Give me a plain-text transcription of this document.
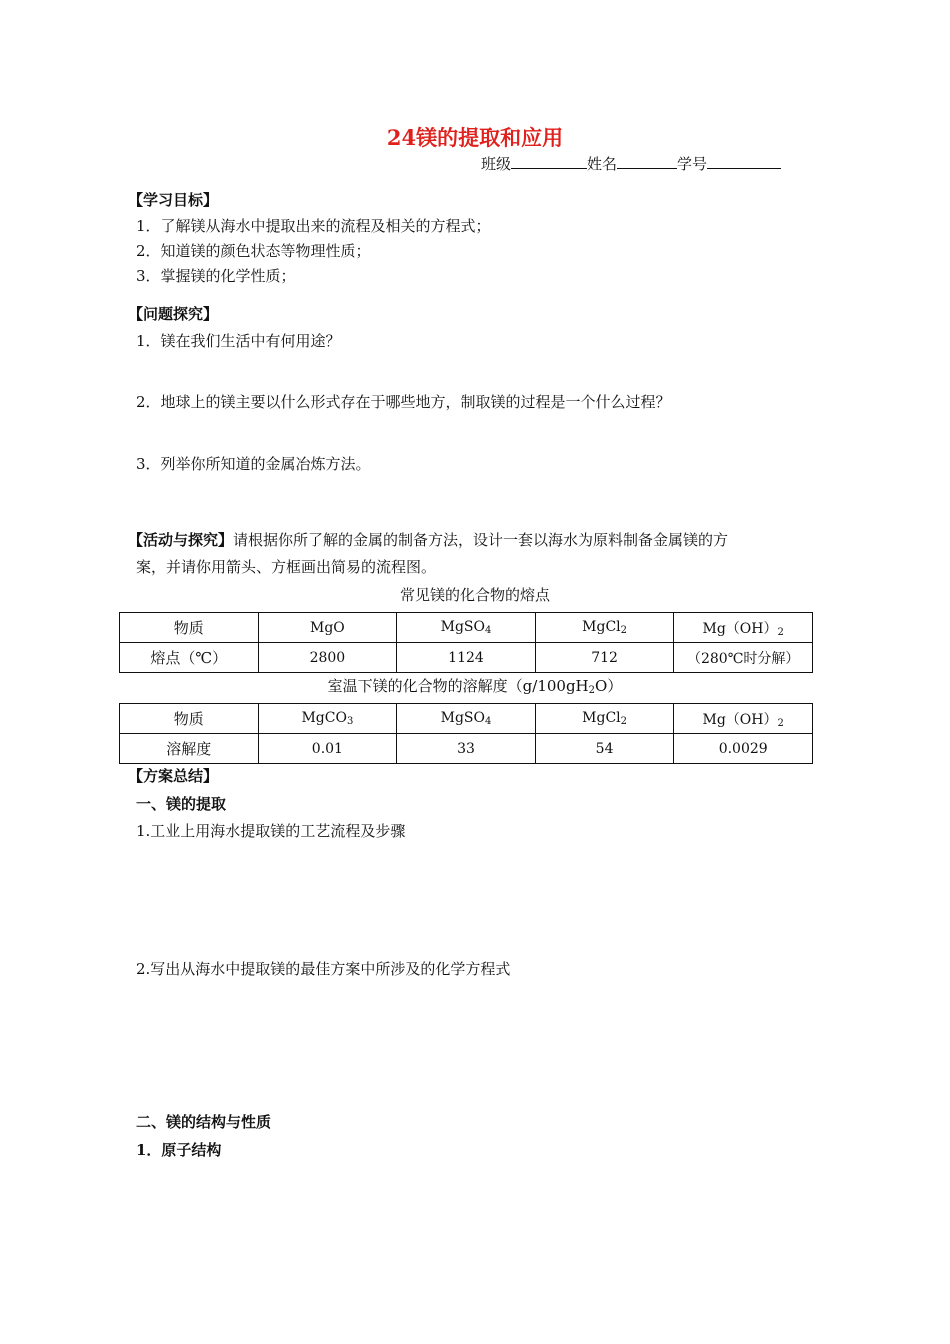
24镁的提取和应用
班级	姓名	学号
【学习目标】
1．了解镁从海水中提取出来的流程及相关的方程式；
2．知道镁的颜色状态等物理性质；
3．掌握镁的化学性质；
【问题探究】
1．镁在我们生活中有何用途？
2．地球上的镁主要以什么形式存在于哪些地方，制取镁的过程是一个什么过程？
3．列举你所知道的金属冶炼方法。
【活动与探究】请根据你所了解的金属的制备方法，设计一套以海水为原料制备金属镁的方
案，并请你用箭头、方框画出简易的流程图。
常见镁的化合物的熔点
物质	MgO	MgSO$_4$	MgCl$_2$	$Mg(OH)_2$
熔点（℃）	2800	1124	712	（280℃时分解）
室温下镁的化合物的溶解度$(g/100gH_2O)$
物质	MgCO$_3$	MgSO$_4$	MgCl$_2$	$Mg(OH)_2$
溶解度	0.01	33	54	0.0029
【方案总结】
一、镁的提取
1.工业上用海水提取镁的工艺流程及步骤
2.写出从海水中提取镁的最佳方案中所涉及的化学方程式
二、镁的结构与性质
1．原子结构
